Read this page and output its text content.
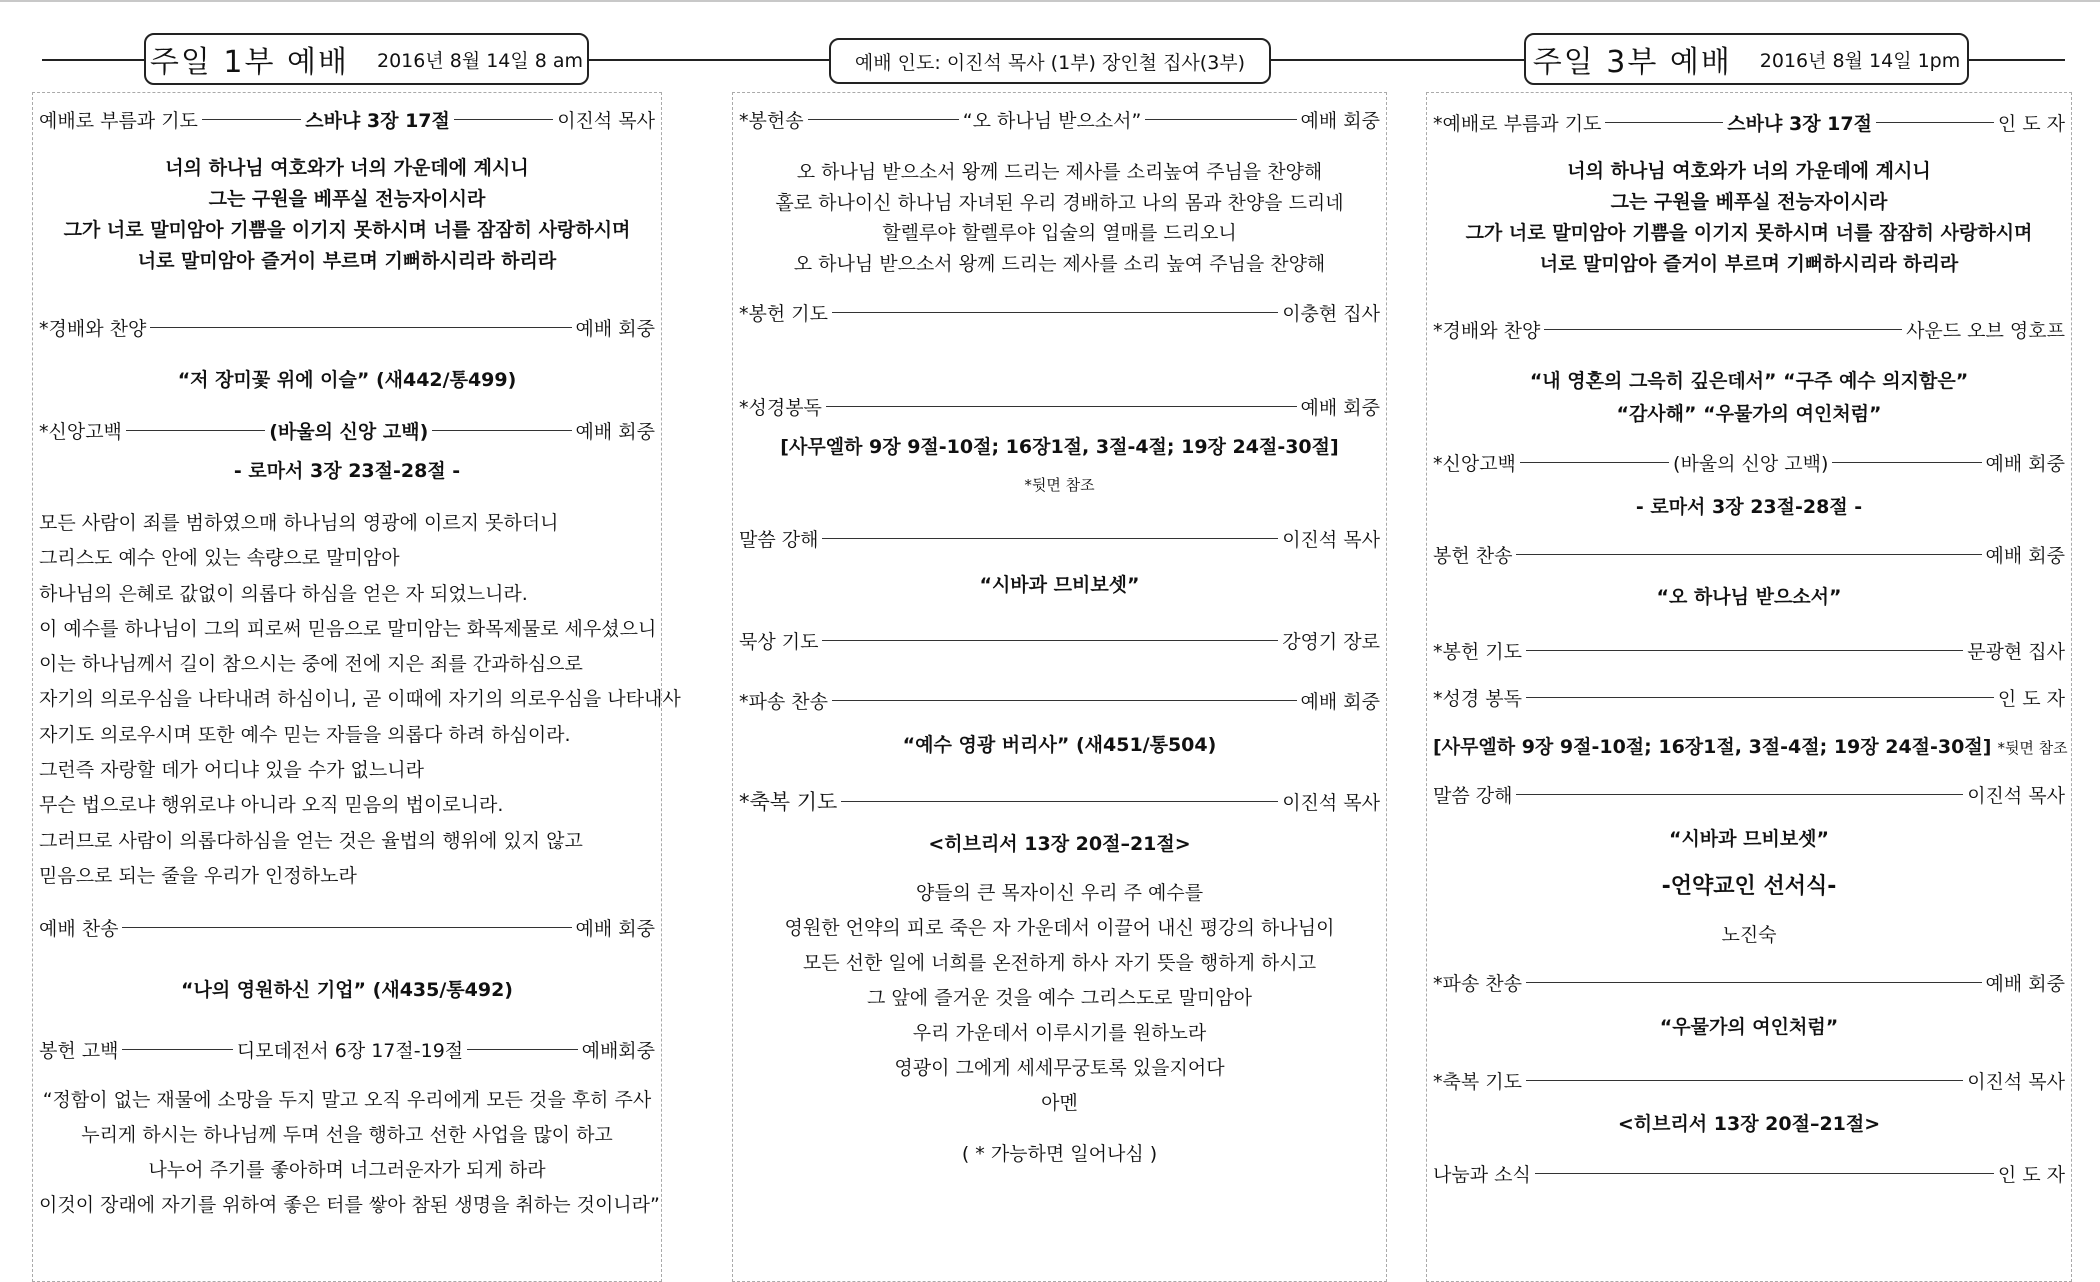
주일 1부 예배 2016년 8월 14일 8 am	예배 인도: 이진석 목사 (1부) 장인철 집사(3부)	주일 3부 예배 2016년 8월 14일 1pm
예배로 부름과 기도	스바냐 3장 17절	이진석 목사
너의 하나님 여호와가 너의 가운데에 계시니
그는 구원을 베푸실 전능자이시라
그가 너로 말미암아 기쁨을 이기지 못하시며 너를 잠잠히 사랑하시며
너로 말미암아 즐거이 부르며 기뻐하시리라 하리라
*경배와 찬양	예배 회중
“저 장미꽃 위에 이슬” (새442/통499)
*신앙고백	(바울의 신앙 고백)	예배 회중
- 로마서 3장 23절-28절 -
모든 사람이 죄를 범하였으매 하나님의 영광에 이르지 못하더니
그리스도 예수 안에 있는 속량으로 말미암아
하나님의 은혜로 값없이 의롭다 하심을 얻은 자 되었느니라.
이 예수를 하나님이 그의 피로써 믿음으로 말미암는 화목제물로 세우셨으니
이는 하나님께서 길이 참으시는 중에 전에 지은 죄를 간과하심으로
자기의 의로우심을 나타내려 하심이니, 곧 이때에 자기의 의로우심을 나타내사
자기도 의로우시며 또한 예수 믿는 자들을 의롭다 하려 하심이라.
그런즉 자랑할 데가 어디냐 있을 수가 없느니라
무슨 법으로냐 행위로냐 아니라 오직 믿음의 법이로니라.
그러므로 사람이 의롭다하심을 얻는 것은 율법의 행위에 있지 않고
믿음으로 되는 줄을 우리가 인정하노라
예배 찬송	예배 회중
“나의 영원하신 기업” (새435/통492)
봉헌 고백	디모데전서 6장 17절-19절	예배회중
“정함이 없는 재물에 소망을 두지 말고 오직 우리에게 모든 것을 후히 주사
누리게 하시는 하나님께 두며 선을 행하고 선한 사업을 많이 하고
나누어 주기를 좋아하며 너그러운자가 되게 하라
이것이 장래에 자기를 위하여 좋은 터를 쌓아 참된 생명을 취하는 것이니라”
*봉헌송	“오 하나님 받으소서”	예배 회중
오 하나님 받으소서 왕께 드리는 제사를 소리높여 주님을 찬양해
홀로 하나이신 하나님 자녀된 우리 경배하고 나의 몸과 찬양을 드리네
할렐루야 할렐루야 입술의 열매를 드리오니
오 하나님 받으소서 왕께 드리는 제사를 소리 높여 주님을 찬양해
*봉헌 기도	이충현 집사
*성경봉독	예배 회중
[사무엘하 9장 9절-10절; 16장1절, 3절-4절; 19장 24절-30절]
*뒷면 참조
말씀 강해	이진석 목사
“시바과 므비보셋”
묵상 기도	강영기 장로
*파송 찬송	예배 회중
“예수 영광 버리사” (새451/통504)
*축복 기도	이진석 목사
<히브리서 13장 20절–21절>
양들의 큰 목자이신 우리 주 예수를
영원한 언약의 피로 죽은 자 가운데서 이끌어 내신 평강의 하나님이
모든 선한 일에 너희를 온전하게 하사 자기 뜻을 행하게 하시고
그 앞에 즐거운 것을 예수 그리스도로 말미암아
우리 가운데서 이루시기를 원하노라
영광이 그에게 세세무궁토록 있을지어다
아멘
( * 가능하면 일어나심 )
*예배로 부름과 기도	스바냐 3장 17절	인 도 자
너의 하나님 여호와가 너의 가운데에 계시니
그는 구원을 베푸실 전능자이시라
그가 너로 말미암아 기쁨을 이기지 못하시며 너를 잠잠히 사랑하시며
너로 말미암아 즐거이 부르며 기뻐하시리라 하리라
*경배와 찬양	사운드 오브 영호프
“내 영혼의 그윽히 깊은데서” “구주 예수 의지함은”
“감사해” “우물가의 여인처럼”
*신앙고백	(바울의 신앙 고백)	예배 회중
- 로마서 3장 23절-28절 -
봉헌 찬송	예배 회중
“오 하나님 받으소서”
*봉헌 기도	문광현 집사
*성경 봉독	인 도 자
[사무엘하 9장 9절-10절; 16장1절, 3절-4절; 19장 24절-30절] *뒷면 참조
말씀 강해	이진석 목사
“시바과 므비보셋”
-언약교인 선서식-
노진숙
*파송 찬송	예배 회중
“우물가의 여인처럼”
*축복 기도	이진석 목사
<히브리서 13장 20절–21절>
나눔과 소식	인 도 자
